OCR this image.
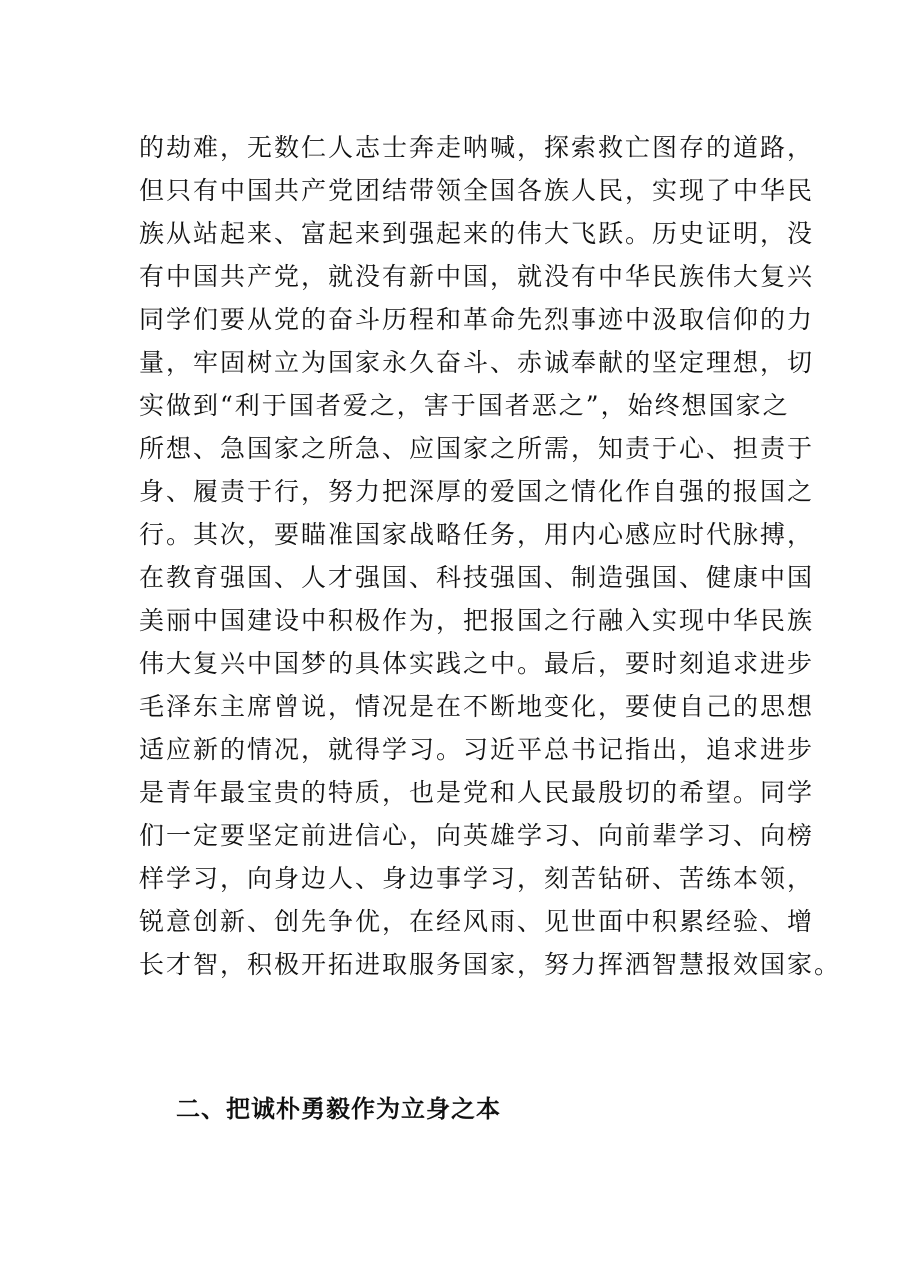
的劫难，无数仁人志士奔走呐喊，探索救亡图存的道路，
但只有中国共产党团结带领全国各族人民，实现了中华民
族从站起来、富起来到强起来的伟大飞跃。历史证明，没
有中国共产党，就没有新中国，就没有中华民族伟大复兴
同学们要从党的奋斗历程和革命先烈事迹中汲取信仰的力
量，牢固树立为国家永久奋斗、赤诚奉献的坚定理想，切
实做到“利于国者爱之，害于国者恶之”，始终想国家之
所想、急国家之所急、应国家之所需，知责于心、担责于
身、履责于行，努力把深厚的爱国之情化作自强的报国之
行。其次，要瞄准国家战略任务，用内心感应时代脉搏，
在教育强国、人才强国、科技强国、制造强国、健康中国
美丽中国建设中积极作为，把报国之行融入实现中华民族
伟大复兴中国梦的具体实践之中。最后，要时刻追求进步
毛泽东主席曾说，情况是在不断地变化，要使自己的思想
适应新的情况，就得学习。习近平总书记指出，追求进步
是青年最宝贵的特质，也是党和人民最殷切的希望。同学
们一定要坚定前进信心，向英雄学习、向前辈学习、向榜
样学习，向身边人、身边事学习，刻苦钻研、苦练本领，
锐意创新、创先争优，在经风雨、见世面中积累经验、增
长才智，积极开拓进取服务国家，努力挥洒智慧报效国家。
二、把诚朴勇毅作为立身之本
